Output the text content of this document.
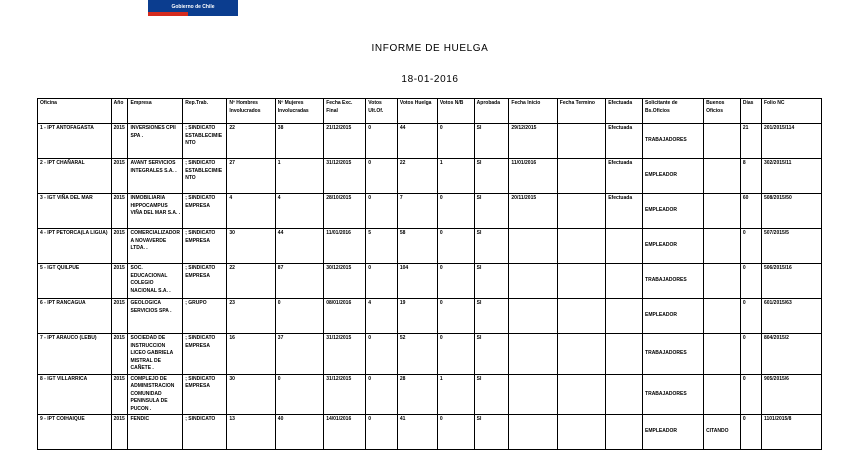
Gobierno de Chile
INFORME DE HUELGA
18-01-2016
Oficina	Año	Empresa	Rep.Trab.	Nº Hombres Involucrados	Nº Mujeres Involucradas	Fecha Exc. Final	Votos Ult.Of.	Votos Huelga	Votos N/B	Aprobada	Fecha Inicio	Fecha Termino	Efectuada	Solicitante de Bs.Oficios	Buenos Oficios	Días	Folio NC
1 - IPT ANTOFAGASTA	2015	INVERSIONES CPII SPA .	; SINDICATO ESTABLECIMIENTO	22	38	21/12/2015	0	44	0	SI	29/12/2015		Efectuada	TRABAJADORES		21	201/2015/114
2 - IPT CHAÑARAL	2015	AVANT SERVICIOS INTEGRALES S.A. .	; SINDICATO ESTABLECIMIENTO	27	1	31/12/2015	0	22	1	SI	11/01/2016		Efectuada	EMPLEADOR		8	302/2015/11
3 - IGT VIÑA DEL MAR	2015	INMOBILIARIA HIPPOCAMPUS VIÑA DEL MAR S.A. .	; SINDICATO EMPRESA	4	4	28/10/2015	0	7	0	SI	20/11/2015		Efectuada	EMPLEADOR		60	508/2015/50
4 - IPT PETORCA(LA LIGUA)	2015	COMERCIALIZADORA NOVAVERDE LTDA. .	; SINDICATO EMPRESA	30	44	11/01/2016	5	58	0	SI				EMPLEADOR		0	507/2015/5
5 - IGT QUILPUE	2015	SOC. EDUCACIONAL COLEGIO NACIONAL S.A. .	; SINDICATO EMPRESA	22	87	30/12/2015	0	104	0	SI				TRABAJADORES		0	506/2015/16
6 - IPT RANCAGUA	2015	GEOLOGICA SERVICIOS SPA .	; GRUPO	23	0	08/01/2016	4	19	0	SI				EMPLEADOR		0	601/2015/63
7 - IPT ARAUCO (LEBU)	2015	SOCIEDAD DE INSTRUCCION LICEO GABRIELA MISTRAL DE CAÑETE .	; SINDICATO EMPRESA	16	37	31/12/2015	0	52	0	SI				TRABAJADORES		0	804/2015/2
8 - IGT VILLARRICA	2015	COMPLEJO DE ADMINISTRACION COMUNIDAD PENINSULA DE PUCON .	; SINDICATO EMPRESA	30	0	31/12/2015	0	28	1	SI				TRABAJADORES		0	905/2015/6
9 - IPT COIHAIQUE	2015	FENDIC	; SINDICATO	13	40	14/01/2016	0	41	0	SI				EMPLEADOR	CITANDO	0	1101/2015/8
